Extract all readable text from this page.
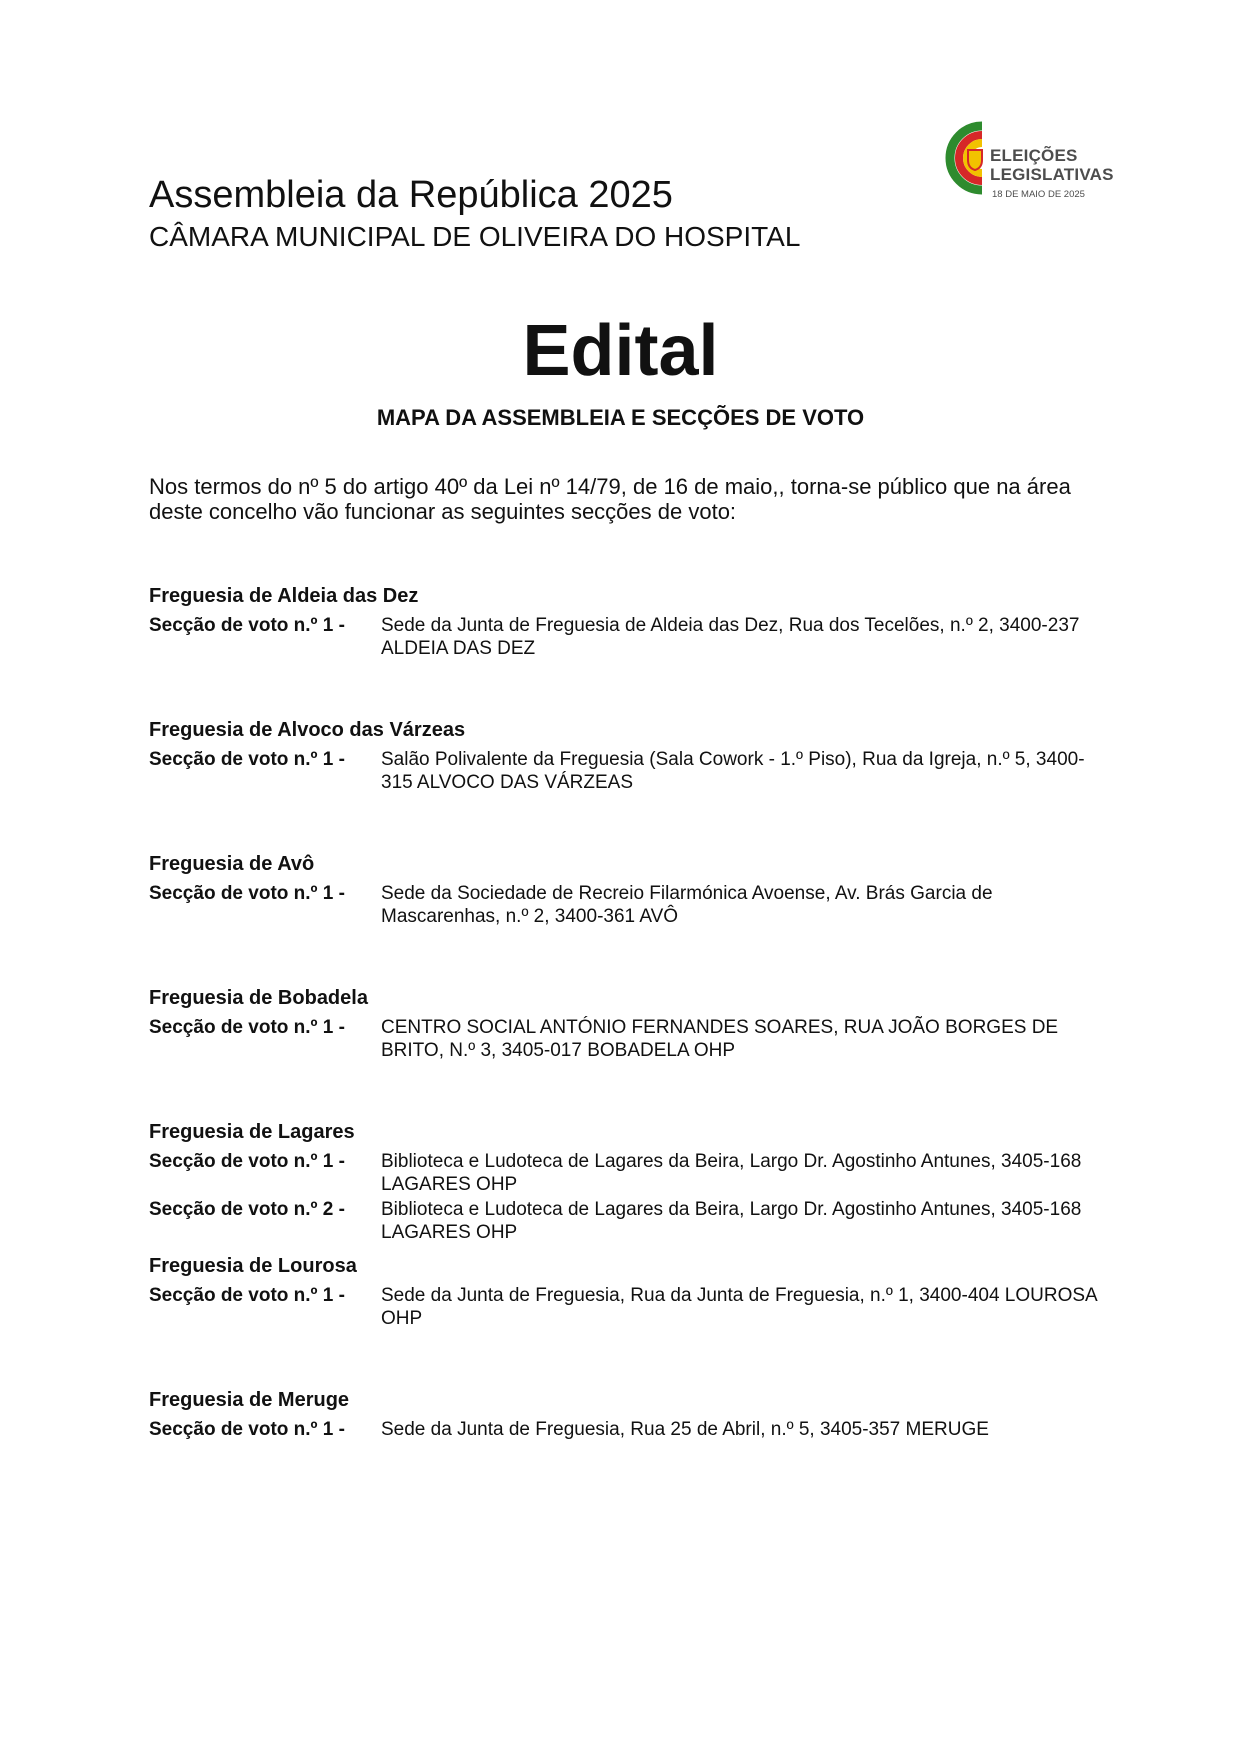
ELEIÇÕES
LEGISLATIVAS
18 DE MAIO DE 2025
Assembleia da República 2025
CÂMARA MUNICIPAL DE OLIVEIRA DO HOSPITAL
Edital
MAPA DA ASSEMBLEIA E SECÇÕES DE VOTO
Nos termos do nº 5 do artigo 40º da Lei nº 14/79, de 16 de maio,, torna-se público que na área deste concelho vão funcionar as seguintes secções de voto:
Freguesia de Aldeia das Dez
Secção de voto n.º 1 -	Sede da Junta de Freguesia de Aldeia das Dez, Rua dos Tecelões, n.º 2, 3400-237 ALDEIA DAS DEZ
Freguesia de Alvoco das Várzeas
Secção de voto n.º 1 -	Salão Polivalente da Freguesia (Sala Cowork - 1.º Piso), Rua da Igreja, n.º 5, 3400-315 ALVOCO DAS VÁRZEAS
Freguesia de Avô
Secção de voto n.º 1 -	Sede da Sociedade de Recreio Filarmónica Avoense, Av. Brás Garcia de Mascarenhas, n.º 2, 3400-361 AVÔ
Freguesia de Bobadela
Secção de voto n.º 1 -	CENTRO SOCIAL ANTÓNIO FERNANDES SOARES, RUA JOÃO BORGES DE BRITO, N.º 3, 3405-017 BOBADELA OHP
Freguesia de Lagares
Secção de voto n.º 1 -	Biblioteca e Ludoteca de Lagares da Beira, Largo Dr. Agostinho Antunes, 3405-168 LAGARES OHP
Secção de voto n.º 2 -	Biblioteca e Ludoteca de Lagares da Beira, Largo Dr. Agostinho Antunes, 3405-168 LAGARES OHP
Freguesia de Lourosa
Secção de voto n.º 1 -	Sede da Junta de Freguesia, Rua da Junta de Freguesia, n.º 1, 3400-404 LOUROSA OHP
Freguesia de Meruge
Secção de voto n.º 1 -	Sede da Junta de Freguesia, Rua 25 de Abril, n.º 5, 3405-357 MERUGE
